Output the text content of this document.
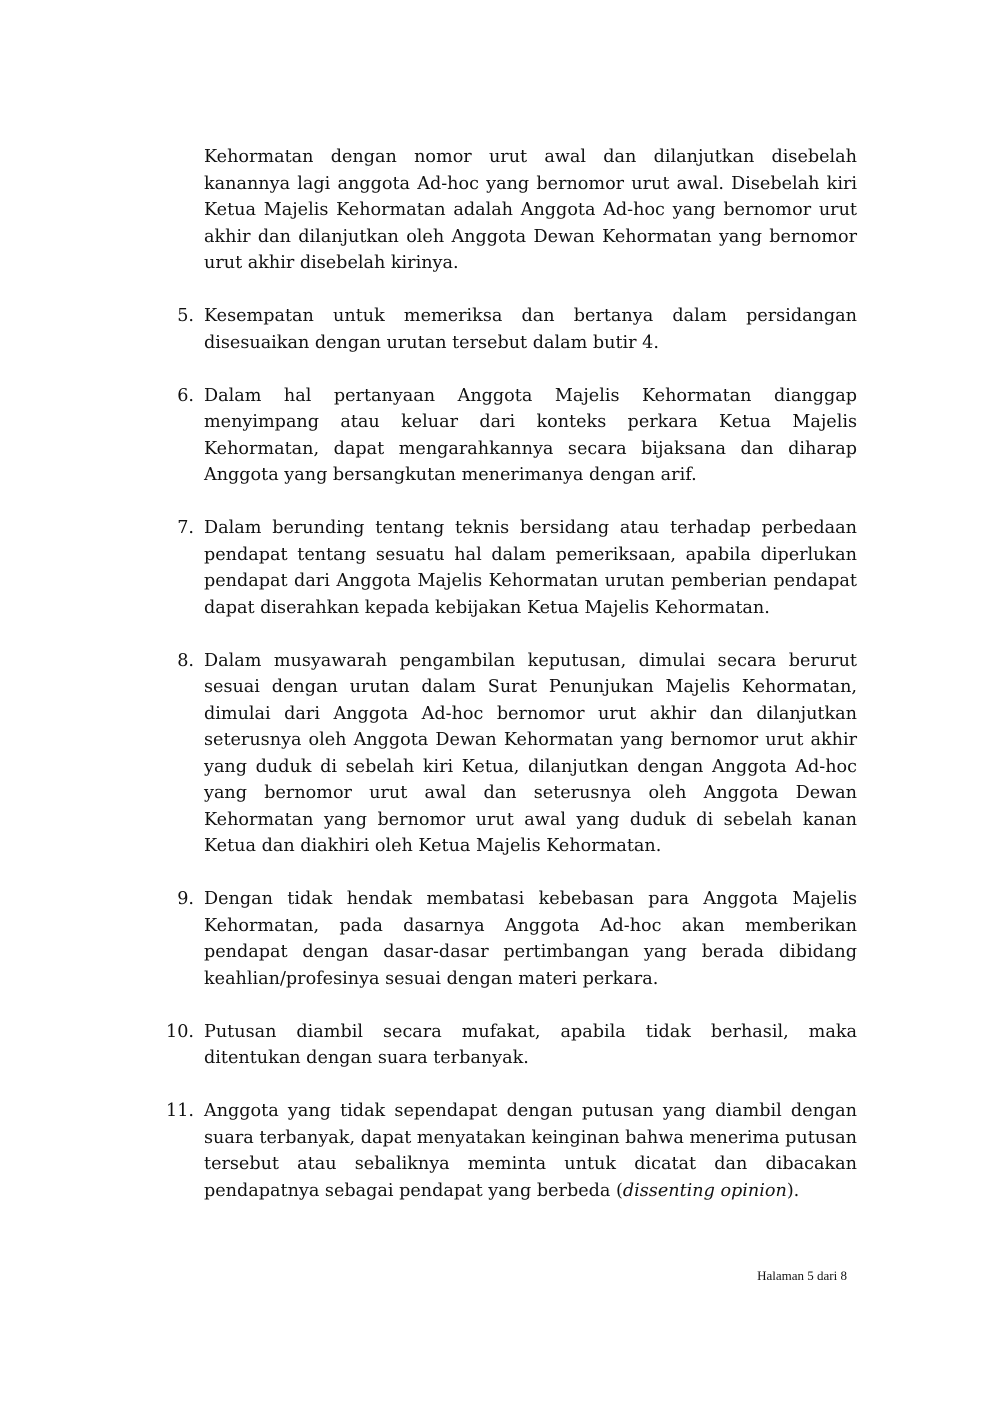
Kehormatan dengan nomor urut awal dan dilanjutkan disebelah kanannya lagi anggota Ad-hoc yang bernomor urut awal. Disebelah kiri Ketua Majelis Kehormatan adalah Anggota Ad-hoc yang bernomor urut akhir dan dilanjutkan oleh Anggota Dewan Kehormatan yang bernomor urut akhir disebelah kirinya.

5. Kesempatan untuk memeriksa dan bertanya dalam persidangan disesuaikan dengan urutan tersebut dalam butir 4.
6. Dalam hal pertanyaan Anggota Majelis Kehormatan dianggap menyimpang atau keluar dari konteks perkara Ketua Majelis Kehormatan, dapat mengarahkannya secara bijaksana dan diharap Anggota yang bersangkutan menerimanya dengan arif.
7. Dalam berunding tentang teknis bersidang atau terhadap perbedaan pendapat tentang sesuatu hal dalam pemeriksaan, apabila diperlukan pendapat dari Anggota Majelis Kehormatan urutan pemberian pendapat dapat diserahkan kepada kebijakan Ketua Majelis Kehormatan.
8. Dalam musyawarah pengambilan keputusan, dimulai secara berurut sesuai dengan urutan dalam Surat Penunjukan Majelis Kehormatan, dimulai dari Anggota Ad-hoc bernomor urut akhir dan dilanjutkan seterusnya oleh Anggota Dewan Kehormatan yang bernomor urut akhir yang duduk di sebelah kiri Ketua, dilanjutkan dengan Anggota Ad-hoc yang bernomor urut awal dan seterusnya oleh Anggota Dewan Kehormatan yang bernomor urut awal yang duduk di sebelah kanan Ketua dan diakhiri oleh Ketua Majelis Kehormatan.
9. Dengan tidak hendak membatasi kebebasan para Anggota Majelis Kehormatan, pada dasarnya Anggota Ad-hoc akan memberikan pendapat dengan dasar-dasar pertimbangan yang berada dibidang keahlian/profesinya sesuai dengan materi perkara.
10. Putusan diambil secara mufakat, apabila tidak berhasil, maka ditentukan dengan suara terbanyak.
11. Anggota yang tidak sependapat dengan putusan yang diambil dengan suara terbanyak, dapat menyatakan keinginan bahwa menerima putusan tersebut atau sebaliknya meminta untuk dicatat dan dibacakan pendapatnya sebagai pendapat yang berbeda ( dissenting opinion).
Halaman 5 dari 8
